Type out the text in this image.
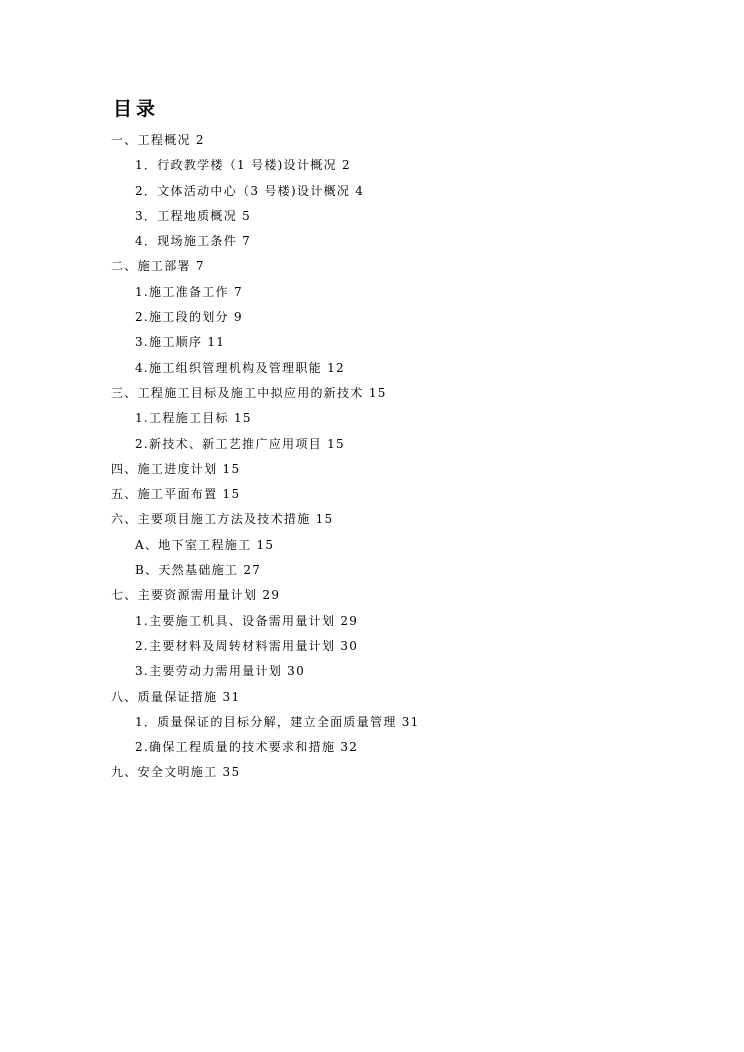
目录
一、工程概况 2
1．行政教学楼（1 号楼)设计概况 2
2．文体活动中心（3 号楼)设计概况 4
3．工程地质概况 5
4．现场施工条件 7
二、施工部署 7
1.施工准备工作 7
2.施工段的划分 9
3.施工顺序 11
4.施工组织管理机构及管理职能 12
三、工程施工目标及施工中拟应用的新技术 15
1.工程施工目标 15
2.新技术、新工艺推广应用项目 15
四、施工进度计划 15
五、施工平面布置 15
六、主要项目施工方法及技术措施 15
A、地下室工程施工 15
B、天然基础施工 27
七、主要资源需用量计划 29
1.主要施工机具、设备需用量计划 29
2.主要材料及周转材料需用量计划 30
3.主要劳动力需用量计划 30
八、质量保证措施 31
1．质量保证的目标分解，建立全面质量管理 31
2.确保工程质量的技术要求和措施 32
九、安全文明施工 35
